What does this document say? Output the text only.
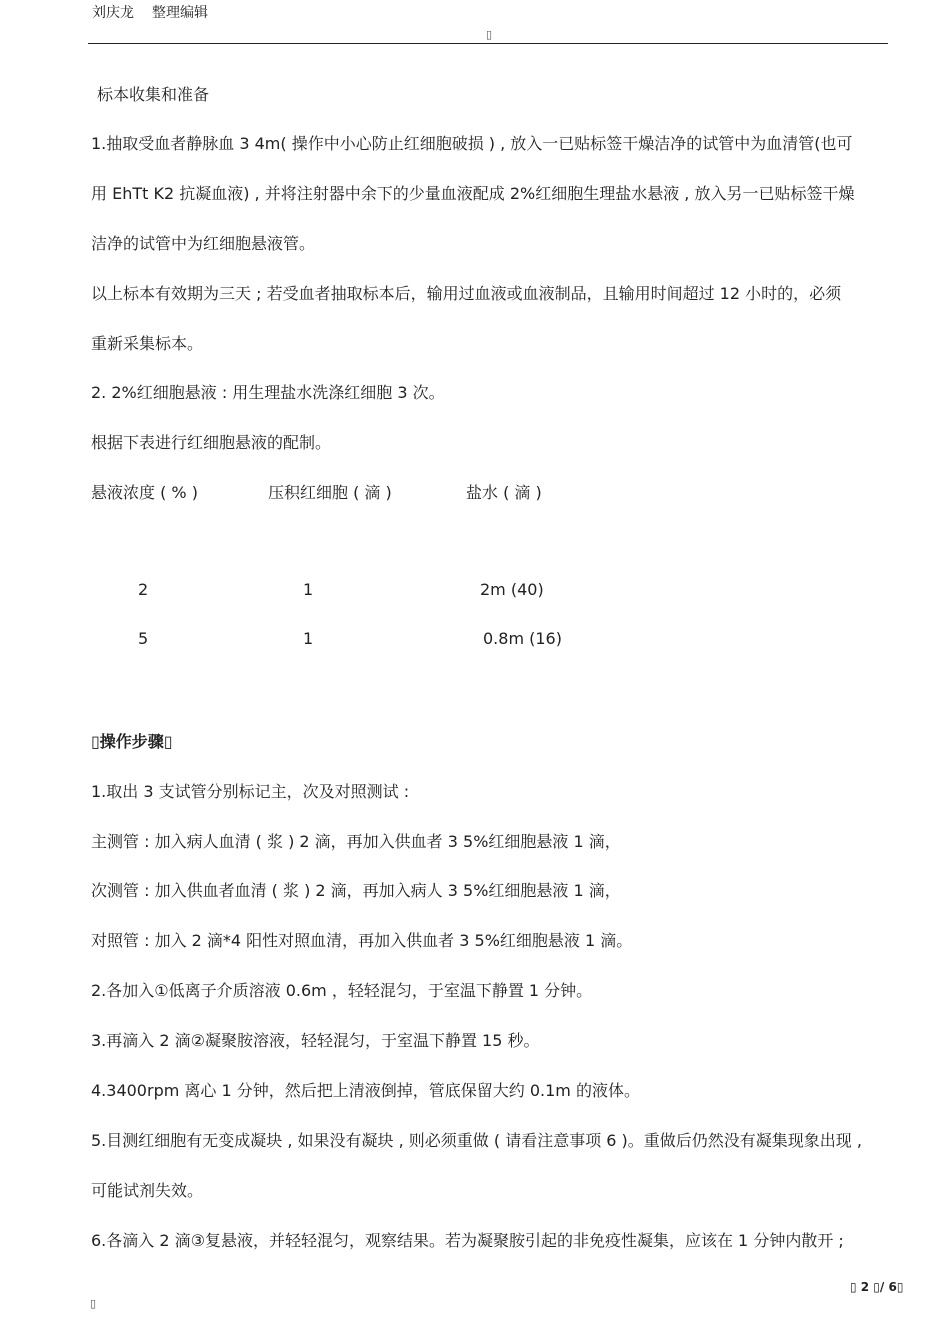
刘庆龙 整理编辑
▯
标本收集和准备
1.抽取受血者静脉血 3 4m( 操作中小心防止红细胞破损 ) , 放入一已贴标签干燥洁净的试管中为血清管(也可
用 EhTt K2 抗凝血液) , 并将注射器中余下的少量血液配成 2%红细胞生理盐水悬液 , 放入另一已贴标签干燥
洁净的试管中为红细胞悬液管。
以上标本有效期为三天 ; 若受血者抽取标本后，输用过血液或血液制品，且输用时间超过 12 小时的，必须
重新采集标本。
2. 2%红细胞悬液 : 用生理盐水洗涤红细胞 3 次。
根据下表进行红细胞悬液的配制。
悬液浓度 ( % )	压积红细胞 ( 滴 )	盐水 ( 滴 )
2	1	2m (40)
5	1	0.8m (16)
▯操作步骤▯
1.取出 3 支试管分别标记主，次及对照测试 :
主测管 : 加入病人血清 ( 浆 ) 2 滴，再加入供血者 3 5%红细胞悬液 1 滴，
次测管 : 加入供血者血清 ( 浆 ) 2 滴，再加入病人 3 5%红细胞悬液 1 滴，
对照管 : 加入 2 滴*4 阳性对照血清，再加入供血者 3 5%红细胞悬液 1 滴。
2.各加入①低离子介质溶液 0.6m ，轻轻混匀，于室温下静置 1 分钟。
3.再滴入 2 滴②凝聚胺溶液，轻轻混匀，于室温下静置 15 秒。
4.3400rpm 离心 1 分钟，然后把上清液倒掉，管底保留大约 0.1m 的液体。
5.目测红细胞有无变成凝块 , 如果没有凝块 , 则必须重做 ( 请看注意事项 6 )。重做后仍然没有凝集现象出现 ,
可能试剂失效。
6.各滴入 2 滴③复悬液，并轻轻混匀，观察结果。若为凝聚胺引起的非免疫性凝集，应该在 1 分钟内散开 ;
▯ 2 ▯/ 6▯
▯
